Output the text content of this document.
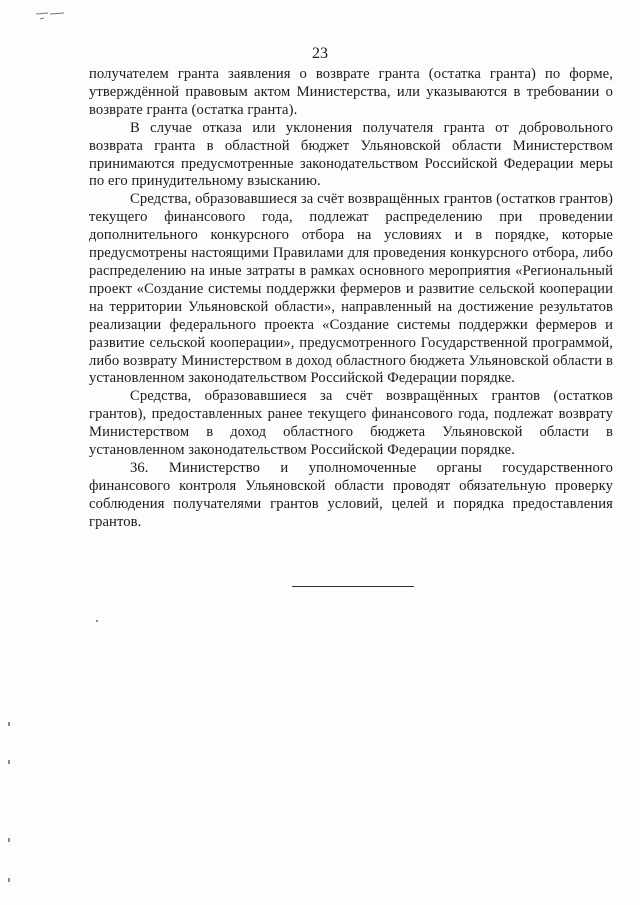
23

получателем гранта заявления о возврате гранта (остатка гранта) по форме, утверждённой правовым актом Министерства, или указываются в требовании о возврате гранта (остатка гранта).

В случае отказа или уклонения получателя гранта от добровольного возврата гранта в областной бюджет Ульяновской области Министерством принимаются предусмотренные законодательством Российской Федерации меры по его принудительному взысканию.

Средства, образовавшиеся за счёт возвращённых грантов (остатков грантов) текущего финансового года, подлежат распределению при проведении дополнительного конкурсного отбора на условиях и в порядке, которые предусмотрены настоящими Правилами для проведения конкурсного отбора, либо распределению на иные затраты в рамках основного мероприятия «Региональный проект «Создание системы поддержки фермеров и развитие сельской кооперации на территории Ульяновской области», направленный на достижение результатов реализации федерального проекта «Создание системы поддержки фермеров и развитие сельской кооперации», предусмотренного Государственной программой, либо возврату Министерством в доход областного бюджета Ульяновской области в установленном законодательством Российской Федерации порядке.

Средства, образовавшиеся за счёт возвращённых грантов (остатков грантов), предоставленных ранее текущего финансового года, подлежат возврату Министерством в доход областного бюджета Ульяновской области в установленном законодательством Российской Федерации порядке.

36. Министерство и уполномоченные органы государственного финансового контроля Ульяновской области проводят обязательную проверку соблюдения получателями грантов условий, целей и порядка предоставления грантов.
